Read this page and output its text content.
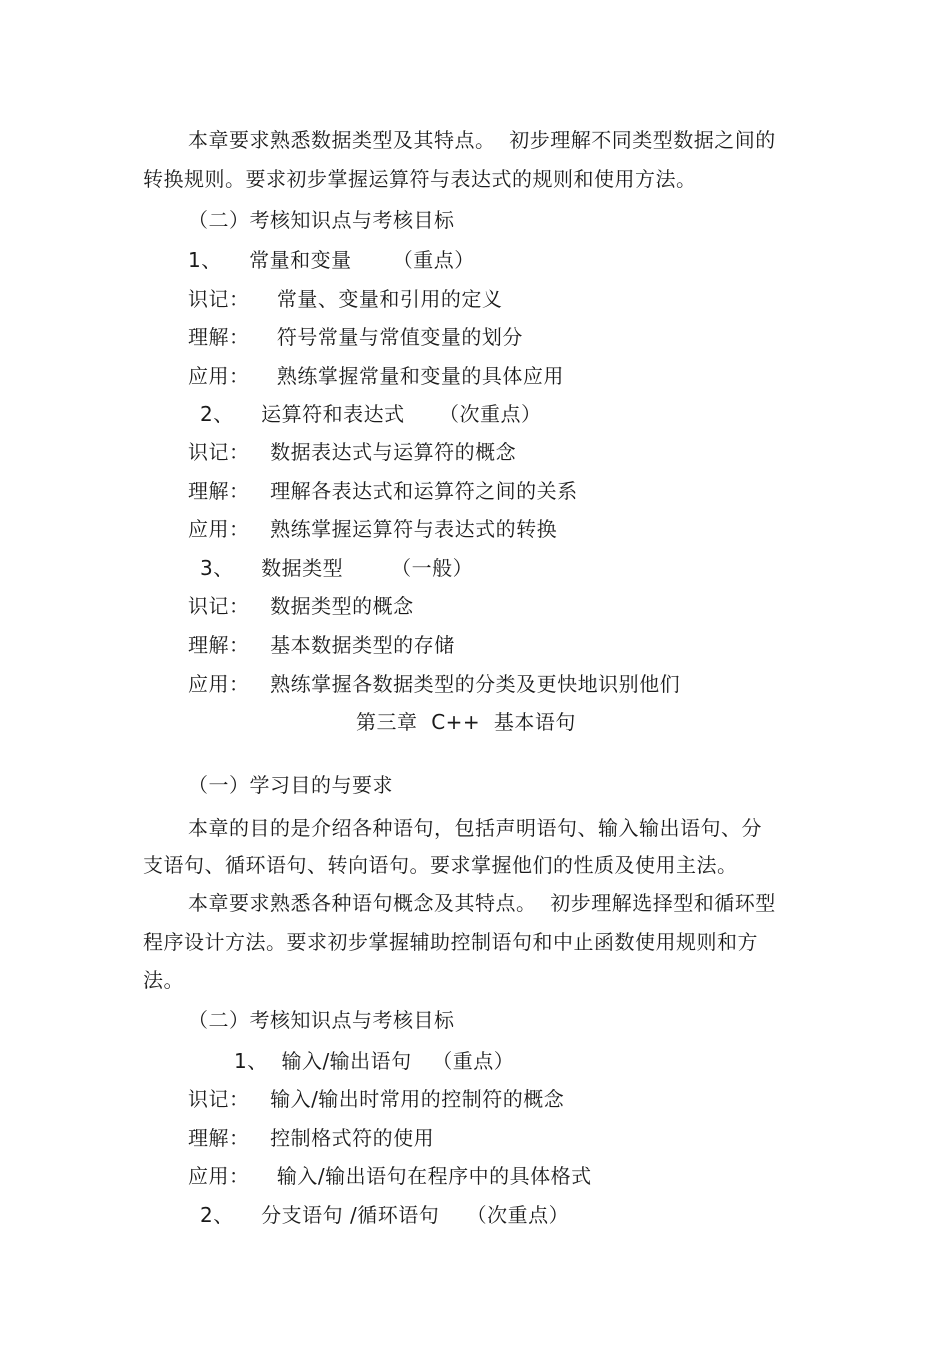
本章要求熟悉数据类型及其特点。  初步理解不同类型数据之间的
转换规则。要求初步掌握运算符与表达式的规则和使用方法。
（二）考核知识点与考核目标
1、    常量和变量      （重点）
识记：    常量、变量和引用的定义
理解：    符号常量与常值变量的划分
应用：    熟练掌握常量和变量的具体应用
2、    运算符和表达式     （次重点）
识记：   数据表达式与运算符的概念
理解：   理解各表达式和运算符之间的关系
应用：   熟练掌握运算符与表达式的转换
3、    数据类型       （一般）
识记：   数据类型的概念
理解：   基本数据类型的存储
应用：   熟练掌握各数据类型的分类及更快地识别他们
第三章  C++  基本语句
（一）学习目的与要求
本章的目的是介绍各种语句，包括声明语句、输入输出语句、分
支语句、循环语句、转向语句。要求掌握他们的性质及使用主法。
本章要求熟悉各种语句概念及其特点。  初步理解选择型和循环型
程序设计方法。要求初步掌握辅助控制语句和中止函数使用规则和方
法。
（二）考核知识点与考核目标
1、  输入/输出语句   （重点）
识记：   输入/输出时常用的控制符的概念
理解：   控制格式符的使用
应用：    输入/输出语句在程序中的具体格式
2、    分支语句 /循环语句    （次重点）
